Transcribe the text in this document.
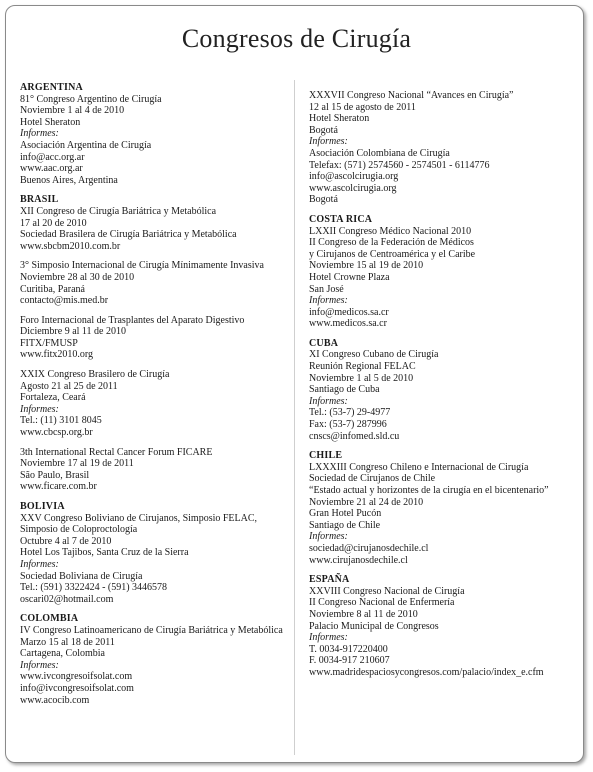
Congresos de Cirugía
ARGENTINA
81° Congreso Argentino de Cirugía
Noviembre 1 al 4 de 2010
Hotel Sheraton
Informes:
Asociación Argentina de Cirugía
info@acc.org.ar
www.aac.org.ar
Buenos Aires, Argentina
BRASIL
XII Congreso de Cirugía Bariátrica y Metabólica
17 al 20 de 2010
Sociedad Brasilera de Cirugía Bariátrica y Metabólica
www.sbcbm2010.com.br
3° Simposio Internacional de Cirugía Mínimamente Invasiva
Noviembre 28 al 30 de 2010
Curitiba, Paraná
contacto@mis.med.br
Foro Internacional de Trasplantes del Aparato Digestivo
Diciembre 9 al 11 de 2010
FITX/FMUSP
www.fitx2010.org
XXIX Congreso Brasilero de Cirugía
Agosto 21 al 25 de 2011
Fortaleza, Ceará
Informes:
Tel.: (11) 3101 8045
www.cbcsp.org.br
3th International Rectal Cancer Forum FICARE
Noviembre 17 al 19 de 2011
São Paulo, Brasil
www.ficare.com.br
BOLIVIA
XXV Congreso Boliviano de Cirujanos, Simposio FELAC,
Simposio de Coloproctología
Octubre 4 al 7 de 2010
Hotel Los Tajibos, Santa Cruz de la Sierra
Informes:
Sociedad Boliviana de Cirugía
Tel.: (591) 3322424 - (591) 3446578
oscari02@hotmail.com
COLOMBIA
IV Congreso Latinoamericano de Cirugía Bariátrica y Metabólica
Marzo 15 al 18 de 2011
Cartagena, Colombia
Informes:
www.ivcongresoifsolat.com
info@ivcongresoifsolat.com
www.acocib.com
XXXVII Congreso Nacional “Avances en Cirugía”
12 al 15 de agosto de 2011
Hotel Sheraton
Bogotá
Informes:
Asociación Colombiana de Cirugía
Telefax: (571) 2574560 - 2574501 - 6114776
info@ascolcirugia.org
www.ascolcirugia.org
Bogotá
COSTA RICA
LXXII Congreso Médico Nacional 2010
II Congreso de la Federación de Médicos
y Cirujanos de Centroamérica y el Caribe
Noviembre 15 al 19 de 2010
Hotel Crowne Plaza
San José
Informes:
info@medicos.sa.cr
www.medicos.sa.cr
CUBA
XI Congreso Cubano de Cirugía
Reunión Regional FELAC
Noviembre 1 al 5 de 2010
Santiago de Cuba
Informes:
Tel.: (53-7) 29-4977
Fax: (53-7) 287996
cnscs@infomed.sld.cu
CHILE
LXXXIII Congreso Chileno e Internacional de Cirugía
Sociedad de Cirujanos de Chile
“Estado actual y horizontes de la cirugía en el bicentenario”
Noviembre 21 al 24 de 2010
Gran Hotel Pucón
Santiago de Chile
Informes:
sociedad@cirujanosdechile.cl
www.cirujanosdechile.cl
ESPAÑA
XXVIII Congreso Nacional de Cirugía
II Congreso Nacional de Enfermería
Noviembre 8 al 11 de 2010
Palacio Municipal de Congresos
Informes:
T. 0034-917220400
F. 0034-917 210607
www.madridespaciosycongresos.com/palacio/index_e.cfm
